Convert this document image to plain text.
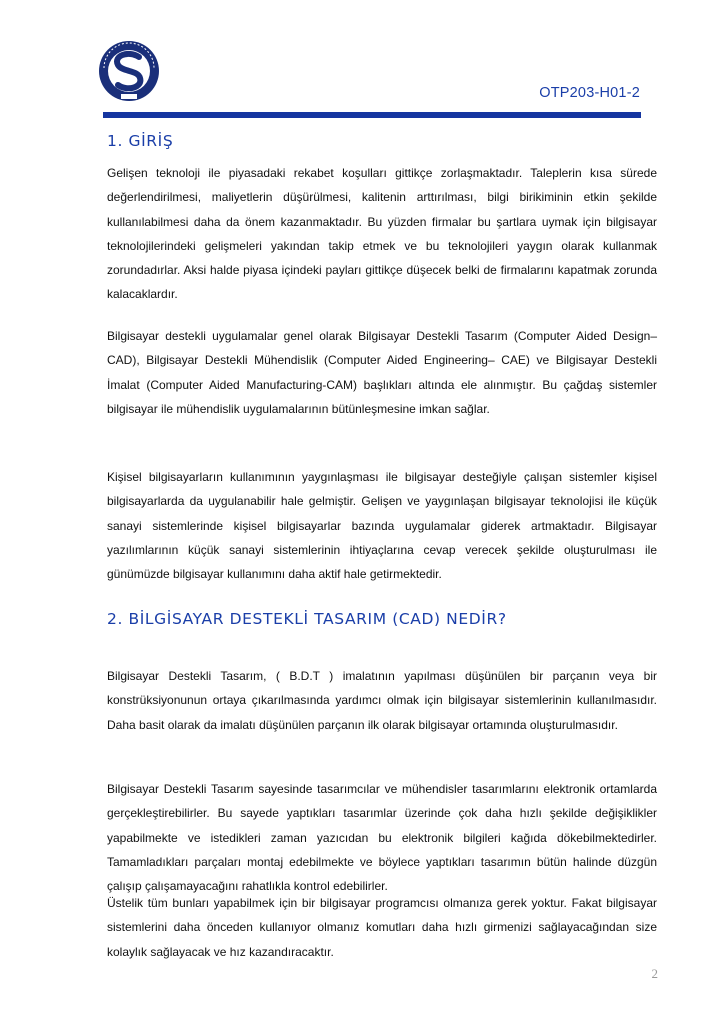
OTP203-H01-2
1. GİRİŞ

Gelişen teknoloji ile piyasadaki rekabet koşulları gittikçe zorlaşmaktadır. Taleplerin kısa sürede değerlendirilmesi, maliyetlerin düşürülmesi, kalitenin arttırılması, bilgi birikiminin etkin şekilde kullanılabilmesi daha da önem kazanmaktadır. Bu yüzden firmalar bu şartlara uymak için bilgisayar teknolojilerindeki gelişmeleri yakından takip etmek ve bu teknolojileri yaygın olarak kullanmak zorundadırlar. Aksi halde piyasa içindeki payları gittikçe düşecek belki de firmalarını kapatmak zorunda kalacaklardır.

Bilgisayar destekli uygulamalar genel olarak Bilgisayar Destekli Tasarım (Computer Aided Design–CAD), Bilgisayar Destekli Mühendislik (Computer Aided Engineering– CAE) ve Bilgisayar Destekli İmalat (Computer Aided Manufacturing-CAM) başlıkları altında ele alınmıştır. Bu çağdaş sistemler bilgisayar ile mühendislik uygulamalarının bütünleşmesine imkan sağlar.

Kişisel bilgisayarların kullanımının yaygınlaşması ile bilgisayar desteğiyle çalışan sistemler kişisel bilgisayarlarda da uygulanabilir hale gelmiştir. Gelişen ve yaygınlaşan bilgisayar teknolojisi ile küçük sanayi sistemlerinde kişisel bilgisayarlar bazında uygulamalar giderek artmaktadır. Bilgisayar yazılımlarının küçük sanayi sistemlerinin ihtiyaçlarına cevap verecek şekilde oluşturulması ile günümüzde bilgisayar kullanımını daha aktif hale getirmektedir.

2. BİLGİSAYAR DESTEKLİ TASARIM (CAD) NEDİR?

Bilgisayar Destekli Tasarım, ( B.D.T ) imalatının yapılması düşünülen bir parçanın veya bir konstrüksiyonunun ortaya çıkarılmasında yardımcı olmak için bilgisayar sistemlerinin kullanılmasıdır. Daha basit olarak da imalatı düşünülen parçanın ilk olarak bilgisayar ortamında oluşturulmasıdır.

Bilgisayar Destekli Tasarım sayesinde tasarımcılar ve mühendisler tasarımlarını elektronik ortamlarda gerçekleştirebilirler. Bu sayede yaptıkları tasarımlar üzerinde çok daha hızlı şekilde değişiklikler yapabilmekte ve istedikleri zaman yazıcıdan bu elektronik bilgileri kağıda dökebilmektedirler. Tamamladıkları parçaları montaj edebilmekte ve böylece yaptıkları tasarımın bütün halinde düzgün çalışıp çalışamayacağını rahatlıkla kontrol edebilirler.

Üstelik tüm bunları yapabilmek için bir bilgisayar programcısı olmanıza gerek yoktur. Fakat bilgisayar sistemlerini daha önceden kullanıyor olmanız komutları daha hızlı girmenizi sağlayacağından size kolaylık sağlayacak ve hız kazandıracaktır.

2
